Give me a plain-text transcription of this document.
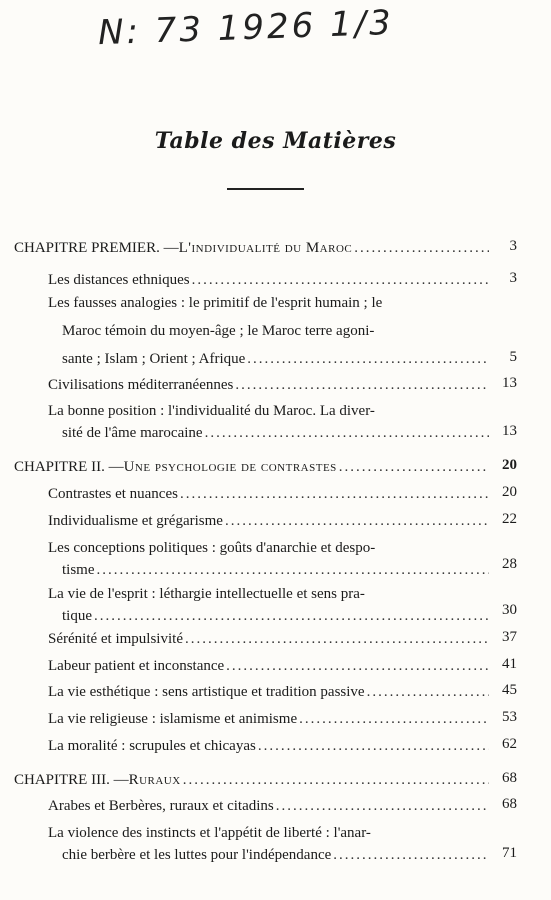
N: 73 1926 1/3
Table des Matières
CHAPITRE PREMIER. — L'individualité du Maroc .....	3
Les distances ethniques .....	3
Les fausses analogies : le primitif de l'esprit humain ; le
Maroc témoin du moyen-âge ; le Maroc terre agoni-
sante ; Islam ; Orient ; Afrique .....	5
Civilisations méditerranéennes .....	13
La bonne position : l'individualité du Maroc. La diver-
sité de l'âme marocaine .....	13
CHAPITRE II. — Une psychologie de contrastes .....	20
Contrastes et nuances .....	20
Individualisme et grégarisme .....	22
Les conceptions politiques : goûts d'anarchie et despo-
tisme .....	28
La vie de l'esprit : léthargie intellectuelle et sens pra-
tique .....	30
Sérénité et impulsivité .....	37
Labeur patient et inconstance .....	41
La vie esthétique : sens artistique et tradition passive .....	45
La vie religieuse : islamisme et animisme .....	53
La moralité : scrupules et chicayas .....	62
CHAPITRE III. — Ruraux .....	68
Arabes et Berbères, ruraux et citadins .....	68
La violence des instincts et l'appétit de liberté : l'anar-
chie berbère et les luttes pour l'indépendance .....	71
